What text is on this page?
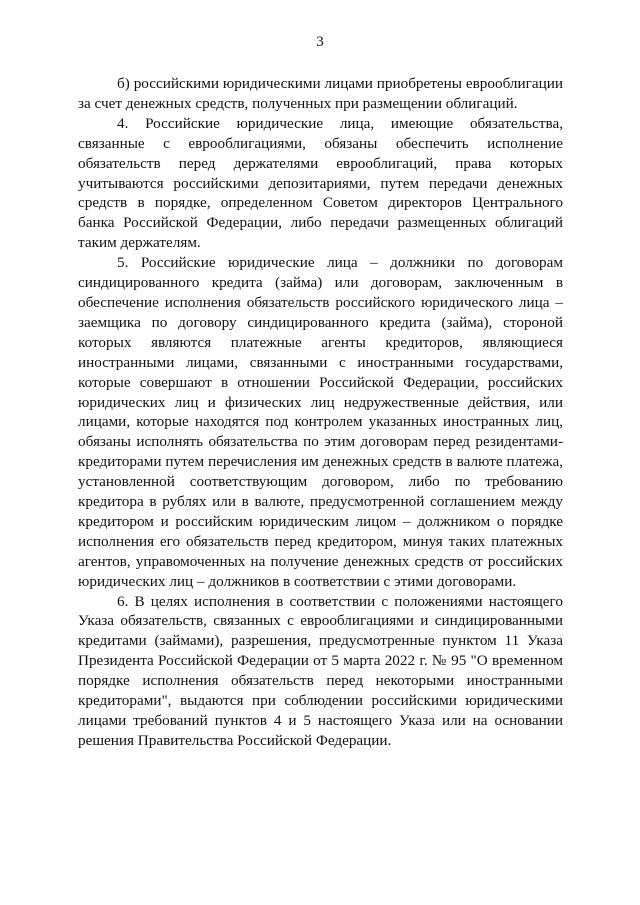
3

б) российскими юридическими лицами приобретены еврооблигации за счет денежных средств, полученных при размещении облигаций.

4. Российские юридические лица, имеющие обязательства, связанные с еврооблигациями, обязаны обеспечить исполнение обязательств перед держателями еврооблигаций, права которых учитываются российскими депозитариями, путем передачи денежных средств в порядке, определенном Советом директоров Центрального банка Российской Федерации, либо передачи размещенных облигаций таким держателям.

5. Российские юридические лица – должники по договорам синдицированного кредита (займа) или договорам, заключенным в обеспечение исполнения обязательств российского юридического лица – заемщика по договору синдицированного кредита (займа), стороной которых являются платежные агенты кредиторов, являющиеся иностранными лицами, связанными с иностранными государствами, которые совершают в отношении Российской Федерации, российских юридических лиц и физических лиц недружественные действия, или лицами, которые находятся под контролем указанных иностранных лиц, обязаны исполнять обязательства по этим договорам перед резидентами-кредиторами путем перечисления им денежных средств в валюте платежа, установленной соответствующим договором, либо по требованию кредитора в рублях или в валюте, предусмотренной соглашением между кредитором и российским юридическим лицом – должником о порядке исполнения его обязательств перед кредитором, минуя таких платежных агентов, управомоченных на получение денежных средств от российских юридических лиц – должников в соответствии с этими договорами.

6. В целях исполнения в соответствии с положениями настоящего Указа обязательств, связанных с еврооблигациями и синдицированными кредитами (займами), разрешения, предусмотренные пунктом 11 Указа Президента Российской Федерации от 5 марта 2022 г. № 95 "О временном порядке исполнения обязательств перед некоторыми иностранными кредиторами", выдаются при соблюдении российскими юридическими лицами требований пунктов 4 и 5 настоящего Указа или на основании решения Правительства Российской Федерации.
